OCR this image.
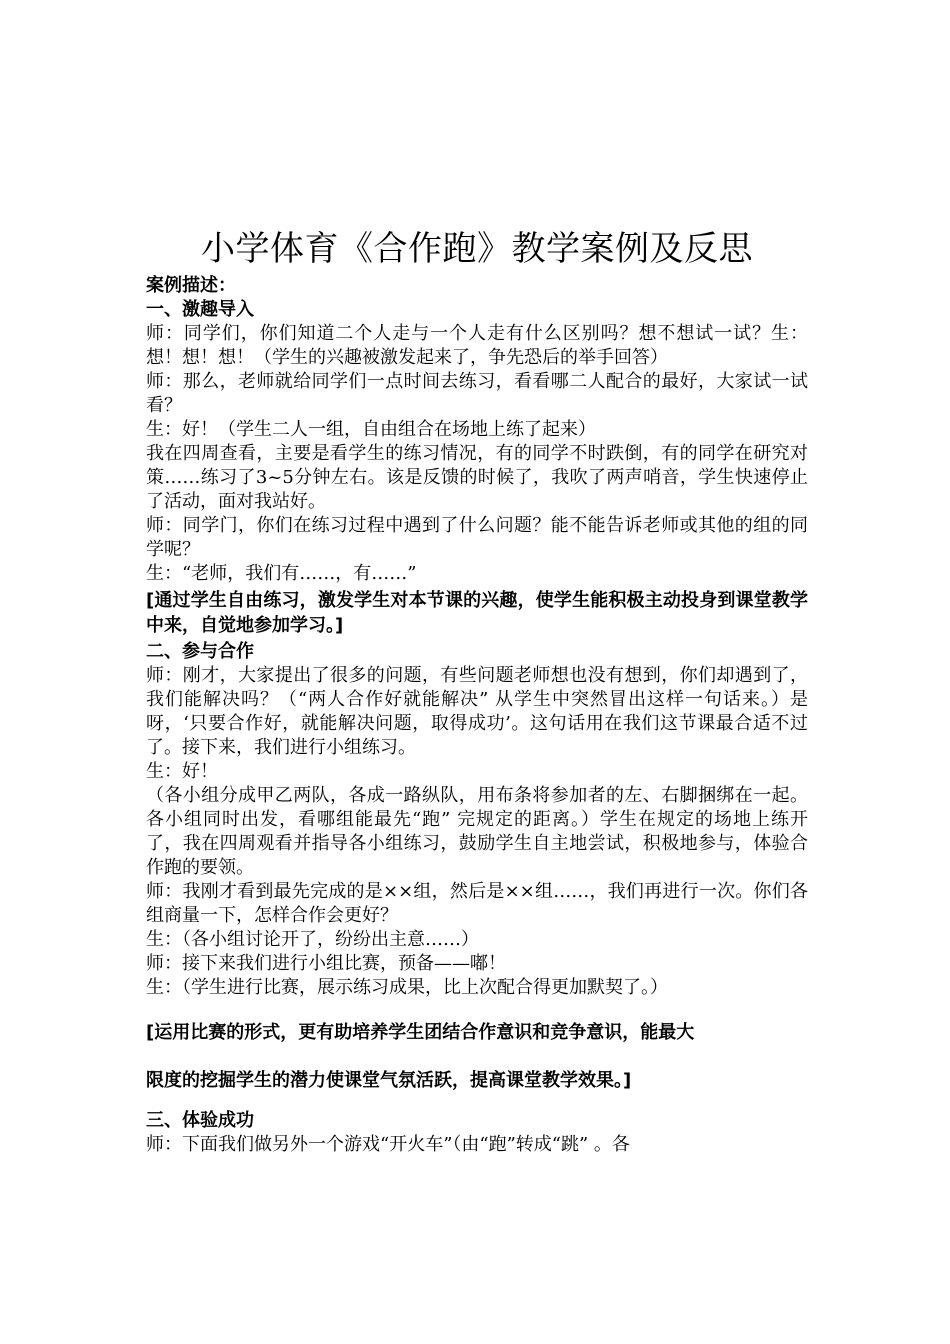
小学体育《合作跑》教学案例及反思
案例描述：
一、激趣导入

师：同学们，你们知道二个人走与一个人走有什么区别吗？想不想试一试？生：想！想！想！（学生的兴趣被激发起来了，争先恐后的举手回答）

师：那么，老师就给同学们一点时间去练习，看看哪二人配合的最好，大家试一试看？

生：好！（学生二人一组，自由组合在场地上练了起来）

我在四周查看，主要是看学生的练习情况，有的同学不时跌倒，有的同学在研究对策……练习了3~5分钟左右。该是反馈的时候了，我吹了两声哨音，学生快速停止了活动，面对我站好。

师：同学门，你们在练习过程中遇到了什么问题？能不能告诉老师或其他的组的同学呢？

生：“老师，我们有……，有……”

[通过学生自由练习，激发学生对本节课的兴趣，使学生能积极主动投身到课堂教学中来，自觉地参加学习。]

二、参与合作

师：刚才，大家提出了很多的问题，有些问题老师想也没有想到，你们却遇到了，我们能解决吗？（“两人合作好就能解决” 从学生中突然冒出这样一句话来。）是呀，‘只要合作好，就能解决问题，取得成功’。这句话用在我们这节课最合适不过了。接下来，我们进行小组练习。

生：好！

（各小组分成甲乙两队，各成一路纵队，用布条将参加者的左、右脚捆绑在一起。各小组同时出发，看哪组能最先“跑” 完规定的距离。）学生在规定的场地上练开了，我在四周观看并指导各小组练习，鼓励学生自主地尝试，积极地参与，体验合作跑的要领。

师：我刚才看到最先完成的是××组，然后是××组……，我们再进行一次。你们各组商量一下，怎样合作会更好？

生：（各小组讨论开了，纷纷出主意……）

师：接下来我们进行小组比赛，预备——嘟！

生：（学生进行比赛，展示练习成果，比上次配合得更加默契了。）

[运用比赛的形式，更有助培养学生团结合作意识和竞争意识，能最大

限度的挖掘学生的潜力使课堂气氛活跃，提高课堂教学效果。]

三、体验成功

师：下面我们做另外一个游戏“开火车”（由“跑”转成“跳” 。各
